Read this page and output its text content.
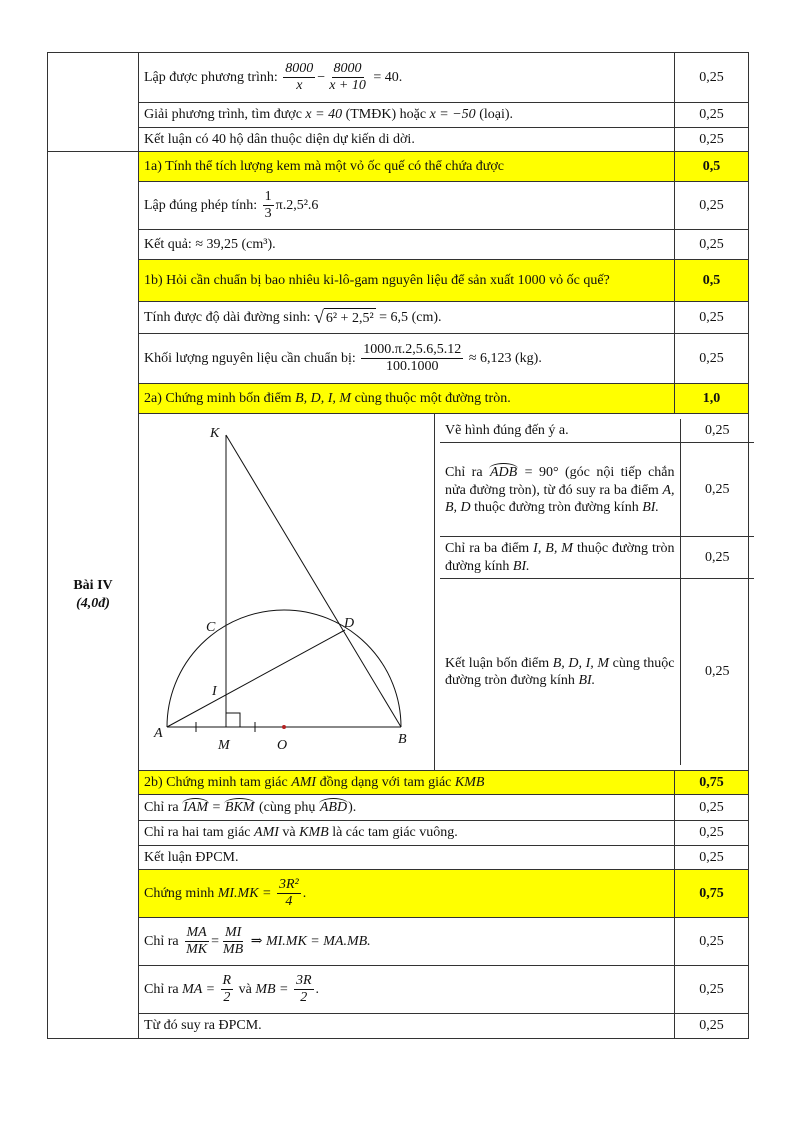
	Lập được phương trình: $\frac{8000}{x} - \frac{8000}{x + 10} = 40$.	0,25
Giải phương trình, tìm được x = 40 (TMĐK) hoặc x = −50 (loại).	0,25
Kết luận có 40 hộ dân thuộc diện dự kiến di dời.	0,25

Bài IV
(4,0đ)
	1a) Tính thể tích lượng kem mà một vỏ ốc quế có thể chứa được	0,5
Lập đúng phép tính: $\frac{1}{3} \pi.2,5^2.6$	0,25
Kết quả: ≈ 39,25 (cm³).	0,25
1b) Hỏi cần chuẩn bị bao nhiêu ki-lô-gam nguyên liệu để sản xuất 1000 vỏ ốc quế?	0,5
Tính được độ dài đường sinh: √ 6² + 2,5² = 6,5 (cm).	0,25
Khối lượng nguyên liệu cần chuẩn bị: $\frac{1000.\pi.2,5.6,5.12}{100.1000} \approx 6,123$ (kg).	0,25
2a) Chứng minh bốn điểm B, D, I, M cùng thuộc một đường tròn.	1,0

K
C	D
I
A
M	O	B

Vẽ hình đúng đến ý a.	0,25
Chỉ ra ADB = 90° (góc nội tiếp chắn nửa đường tròn), từ đó suy ra ba điểm A, B, D thuộc đường tròn đường kính BI.	0,25
Chỉ ra ba điểm I, B, M thuộc đường tròn đường kính BI.	0,25
Kết luận bốn điểm B, D, I, M cùng thuộc đường tròn đường kính BI.	0,25

2b) Chứng minh tam giác AMI đồng dạng với tam giác KMB	0,75
Chỉ ra IAM = BKM (cùng phụ ABD).	0,25
Chỉ ra hai tam giác AMI và KMB là các tam giác vuông.	0,25
Kết luận ĐPCM.	0,25
Chứng minh $MI.MK = \frac{\text{3R²}}{4}$ .	0,75
Chỉ ra $\frac{MA}{MK} = \frac{MI}{MB}$ ⇒ MI.MK = MA.MB.	0,25
Chỉ ra MA = $\frac{R}{2}$ và MB = $\frac{3R}{2}$ .	0,25
Từ đó suy ra ĐPCM.	0,25
